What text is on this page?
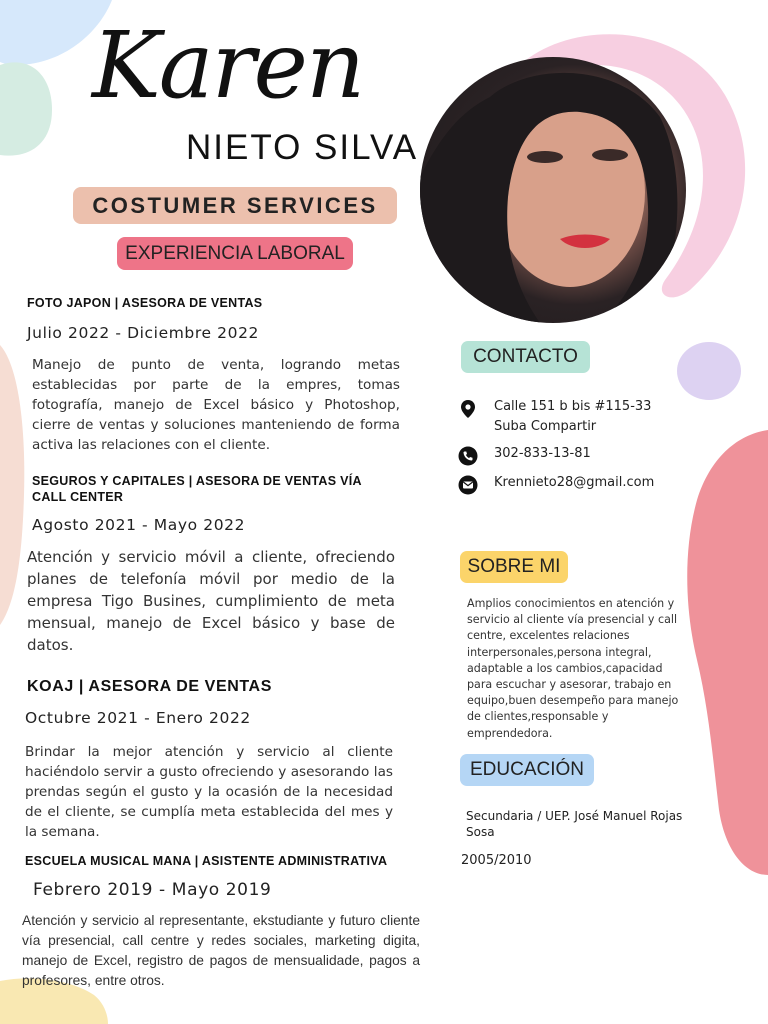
Karen
NIETO SILVA
COSTUMER SERVICES
EXPERIENCIA LABORAL
FOTO JAPON | ASESORA DE VENTAS
Julio 2022 - Diciembre 2022
Manejo de punto de venta, logrando metas establecidas por parte de la empres, tomas fotografía, manejo de Excel básico y Photoshop, cierre de ventas y soluciones manteniendo de forma activa las relaciones con el cliente.
SEGUROS Y CAPITALES | ASESORA DE VENTAS VÍA CALL CENTER
Agosto 2021 - Mayo 2022
Atención y servicio móvil a cliente, ofreciendo planes de telefonía móvil por medio de la empresa Tigo Busines, cumplimiento de meta mensual, manejo de Excel básico y base de datos.
KOAJ | ASESORA DE VENTAS
Octubre 2021 - Enero 2022
Brindar la mejor atención y servicio al cliente haciéndolo servir a gusto ofreciendo y asesorando las prendas según el gusto y la ocasión de la necesidad de el cliente, se cumplía meta establecida del mes y la semana.
ESCUELA MUSICAL MANA | ASISTENTE ADMINISTRATIVA
Febrero 2019 - Mayo 2019
Atención y servicio al representante, ekstudiante y futuro cliente vía presencial, call centre y redes sociales, marketing digita, manejo de Excel, registro de pagos de mensualidade, pagos a profesores, entre otros.
CONTACTO
Calle 151 b bis #115-33
Suba Compartir
302-833-13-81
Krennieto28@gmail.com
SOBRE MI
Amplios conocimientos en atención y servicio al cliente vía presencial y call centre, excelentes relaciones interpersonales,persona integral, adaptable a los cambios,capacidad para escuchar y asesorar, trabajo en equipo,buen desempeño para manejo de clientes,responsable y emprendedora.
EDUCACIÓN
Secundaria / UEP. José Manuel Rojas Sosa
2005/2010
